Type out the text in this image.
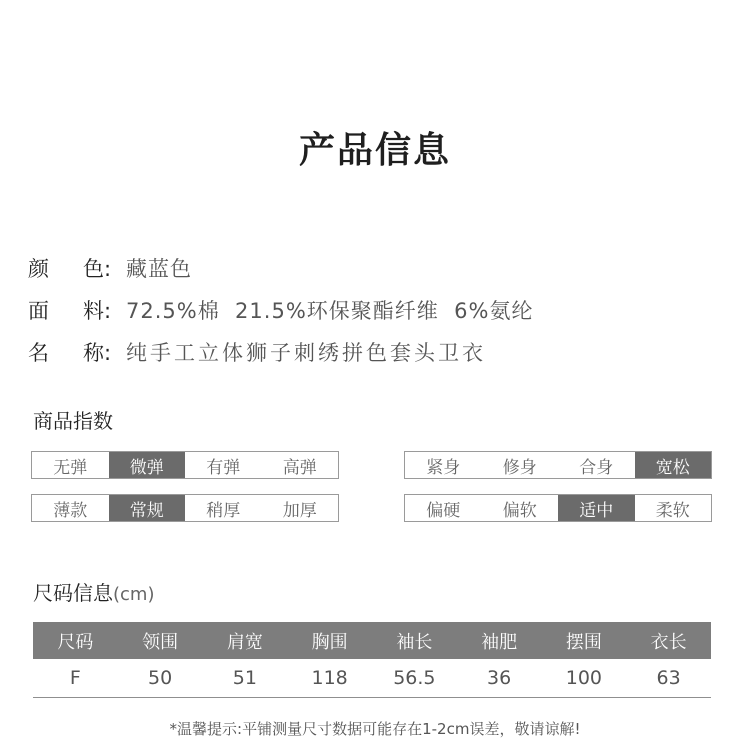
产品信息
颜 色: 藏蓝色
面 料: 72.5%棉  21.5%环保聚酯纤维  6%氨纶
名 称: 纯手工立体狮子刺绣拼色套头卫衣
商品指数
无弹	微弹	有弹	高弹	紧身	修身	合身	宽松
薄款	常规	稍厚	加厚	偏硬	偏软	适中	柔软
尺码信息(cm)
尺码	领围	肩宽	胸围	袖长	袖肥	摆围	衣长
F	50	51	118	56.5	36	100	63
*温馨提示:平铺测量尺寸数据可能存在1-2cm误差，敬请谅解!
